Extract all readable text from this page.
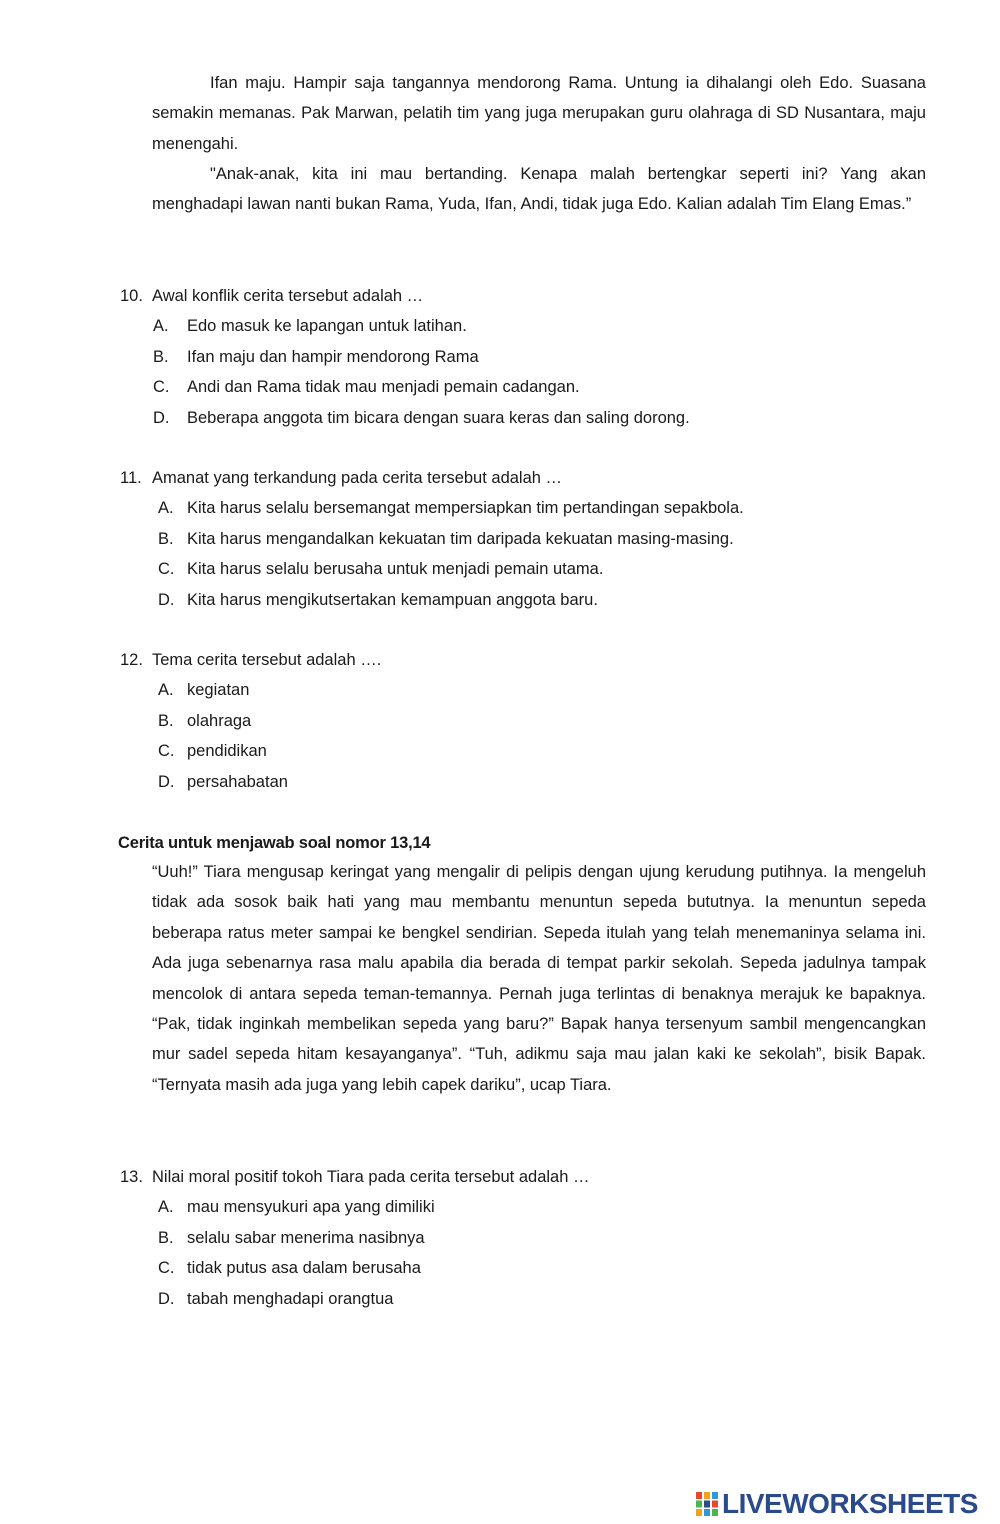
Ifan maju. Hampir saja tangannya mendorong Rama. Untung ia dihalangi oleh Edo. Suasana semakin memanas. Pak Marwan, pelatih tim yang juga merupakan guru olahraga di SD Nusantara, maju menengahi.

"Anak-anak, kita ini mau bertanding. Kenapa malah bertengkar seperti ini? Yang akan menghadapi lawan nanti bukan Rama, Yuda, Ifan, Andi, tidak juga Edo. Kalian adalah Tim Elang Emas.”

10. Awal konflik cerita tersebut adalah …

A. Edo masuk ke lapangan untuk latihan.
B. Ifan maju dan hampir mendorong Rama
C. Andi dan Rama tidak mau menjadi pemain cadangan.
D. Beberapa anggota tim bicara dengan suara keras dan saling dorong.

11. Amanat yang terkandung pada cerita tersebut adalah …

A. Kita harus selalu bersemangat mempersiapkan tim pertandingan sepakbola.
B. Kita harus mengandalkan kekuatan tim daripada kekuatan masing-masing.
C. Kita harus selalu berusaha untuk menjadi pemain utama.
D. Kita harus mengikutsertakan kemampuan anggota baru.

12. Tema cerita tersebut adalah ….

A. kegiatan
B. olahraga
C. pendidikan
D. persahabatan

Cerita untuk menjawab soal nomor 13,14

“Uuh!” Tiara mengusap keringat yang mengalir di pelipis dengan ujung kerudung putihnya. Ia mengeluh tidak ada sosok baik hati yang mau membantu menuntun sepeda bututnya. Ia menuntun sepeda beberapa ratus meter sampai ke bengkel sendirian. Sepeda itulah yang telah menemaninya selama ini. Ada juga sebenarnya rasa malu apabila dia berada di tempat parkir sekolah. Sepeda jadulnya tampak mencolok di antara sepeda teman-temannya. Pernah juga terlintas di benaknya merajuk ke bapaknya. “Pak, tidak inginkah membelikan sepeda yang baru?” Bapak hanya tersenyum sambil mengencangkan mur sadel sepeda hitam kesayanganya”. “Tuh, adikmu saja mau jalan kaki ke sekolah”, bisik Bapak. “Ternyata masih ada juga yang lebih capek dariku”, ucap Tiara.

13. Nilai moral positif tokoh Tiara pada cerita tersebut adalah …

A. mau mensyukuri apa yang dimiliki
B. selalu sabar menerima nasibnya
C. tidak putus asa dalam berusaha
D. tabah menghadapi orangtua
LIVEWORKSHEETS
